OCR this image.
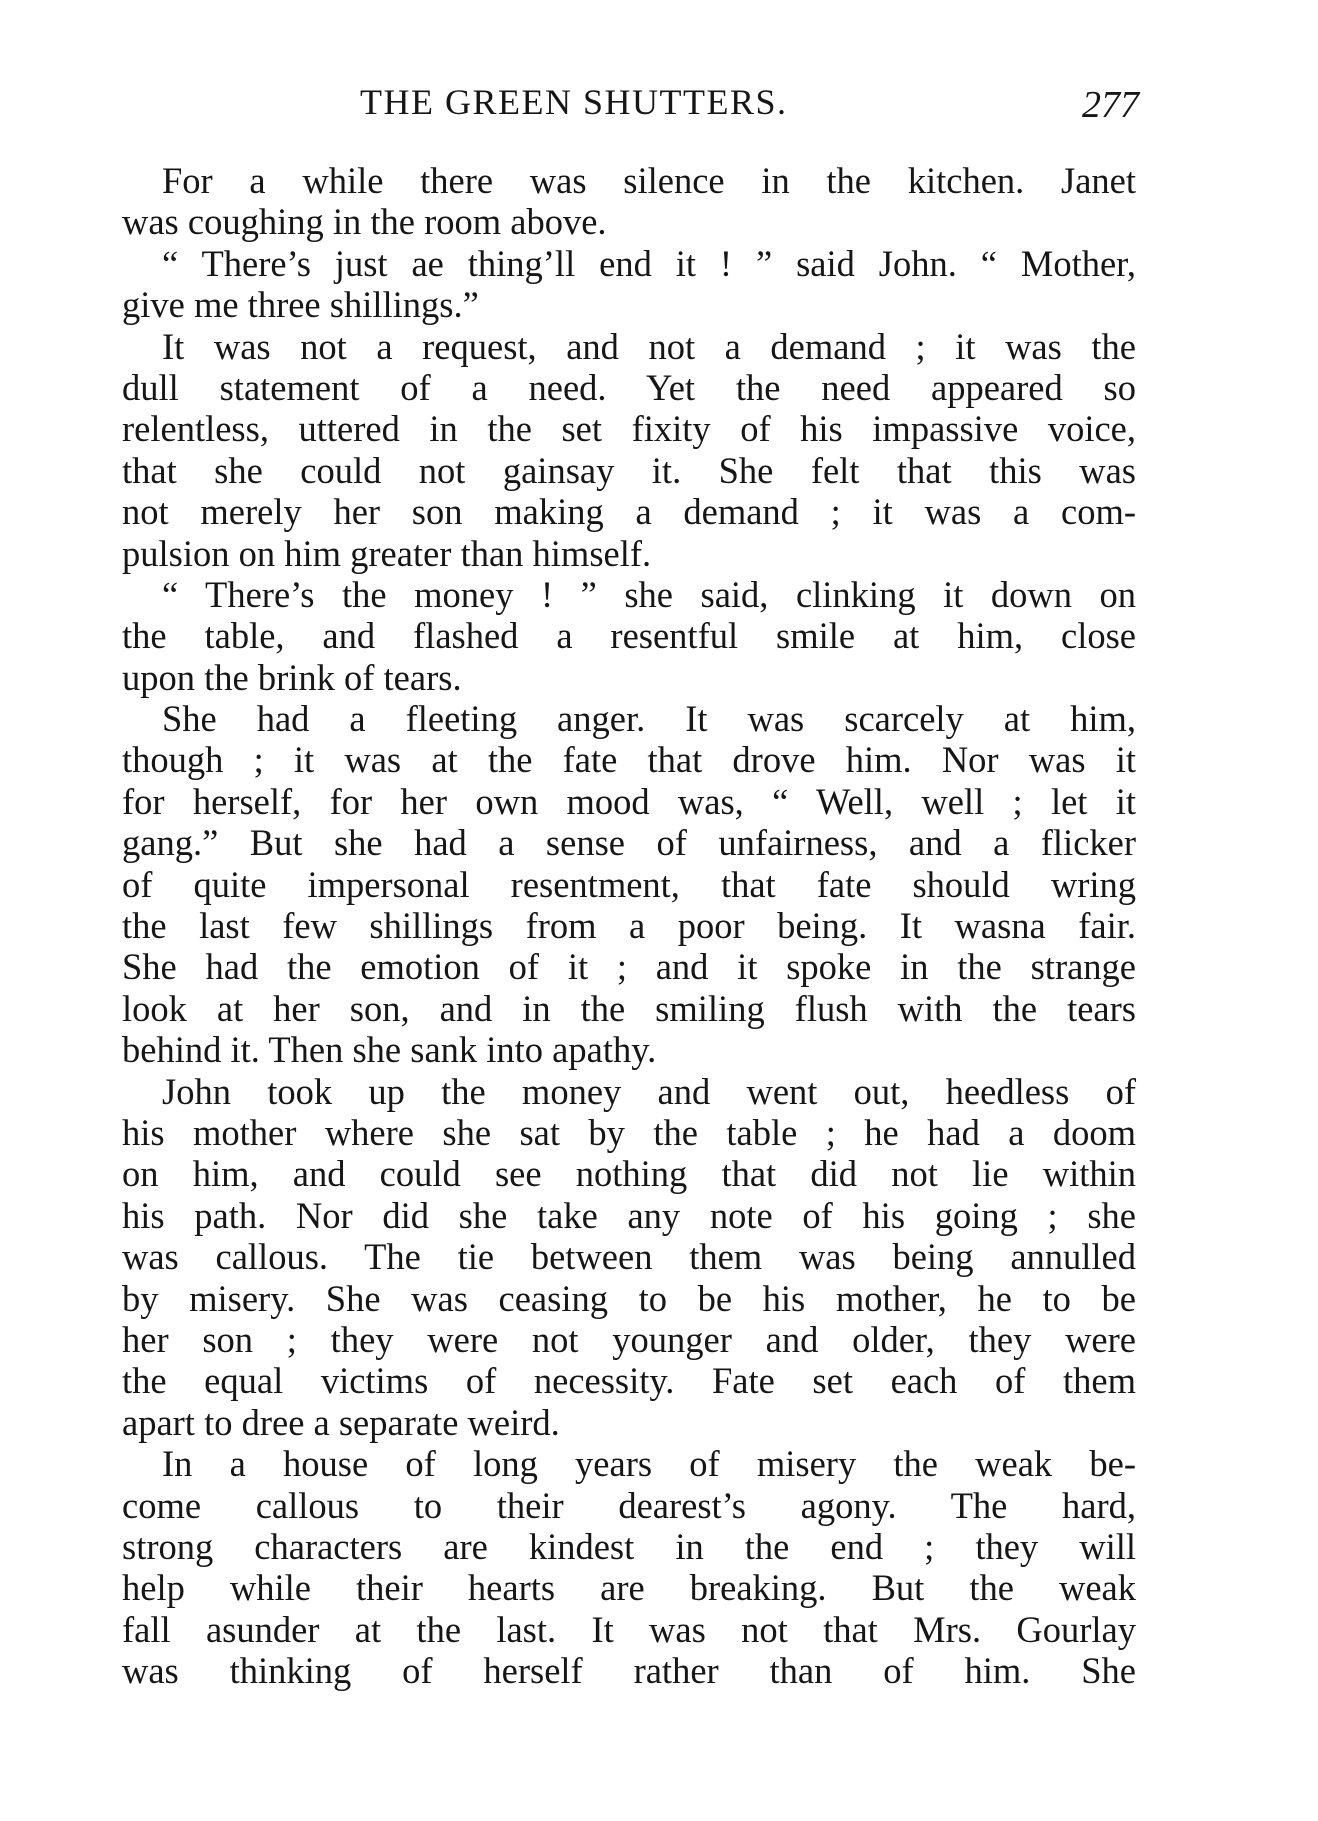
THE GREEN SHUTTERS.	277
For a while there was silence in the kitchen. Janet
was coughing in the room above.
“ There’s just ae thing’ll end it ! ” said John. “ Mother,
give me three shillings.”
It was not a request, and not a demand ; it was the
dull statement of a need. Yet the need appeared so
relentless, uttered in the set fixity of his impassive voice,
that she could not gainsay it. She felt that this was
not merely her son making a demand ; it was a com-
pulsion on him greater than himself.
“ There’s the money ! ” she said, clinking it down on
the table, and flashed a resentful smile at him, close
upon the brink of tears.
She had a fleeting anger. It was scarcely at him,
though ; it was at the fate that drove him. Nor was it
for herself, for her own mood was, “ Well, well ; let it
gang.” But she had a sense of unfairness, and a flicker
of quite impersonal resentment, that fate should wring
the last few shillings from a poor being. It wasna fair.
She had the emotion of it ; and it spoke in the strange
look at her son, and in the smiling flush with the tears
behind it. Then she sank into apathy.
John took up the money and went out, heedless of
his mother where she sat by the table ; he had a doom
on him, and could see nothing that did not lie within
his path. Nor did she take any note of his going ; she
was callous. The tie between them was being annulled
by misery. She was ceasing to be his mother, he to be
her son ; they were not younger and older, they were
the equal victims of necessity. Fate set each of them
apart to dree a separate weird.
In a house of long years of misery the weak be-
come callous to their dearest’s agony. The hard,
strong characters are kindest in the end ; they will
help while their hearts are breaking. But the weak
fall asunder at the last. It was not that Mrs. Gourlay
was thinking of herself rather than of him. She
